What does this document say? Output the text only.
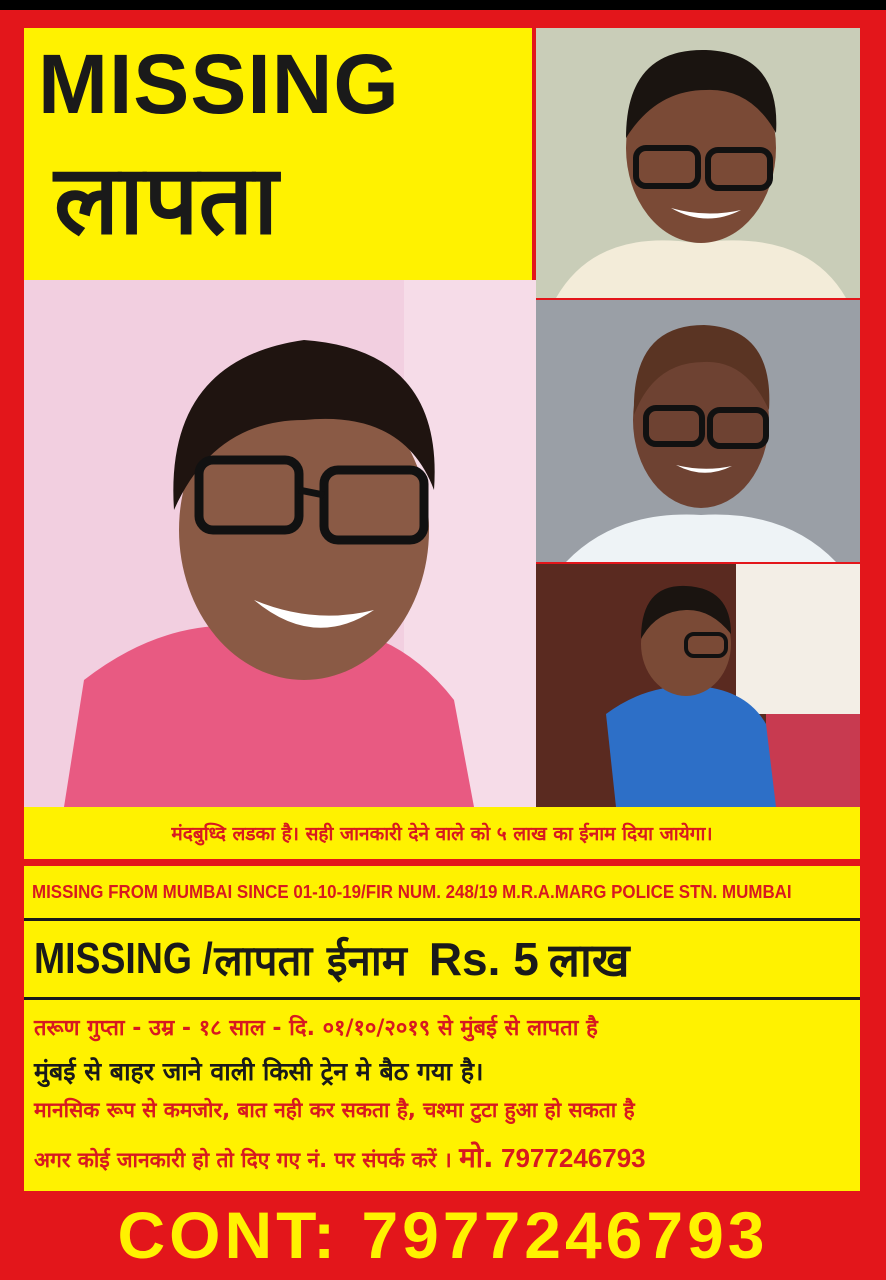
MISSING
लापता
मंदबुध्दि लडका है। सही जानकारी देने वाले को ५ लाख का ईनाम दिया जायेगा।
MISSING FROM MUMBAI SINCE 01-10-19/FIR NUM. 248/19 M.R.A.MARG POLICE STN. MUMBAI
MISSING / लापता ईनाम Rs. 5 लाख
तरूण गुप्ता - उम्र - १८ साल - दि. ०१/१०/२०१९ से मुंबई से लापता है
मुंबई से बाहर जाने वाली किसी ट्रेन मे बैठ गया है।
मानसिक रूप से कमजोर, बात नही कर सकता है, चश्मा टुटा हुआ हो सकता है
अगर कोई जानकारी हो तो दिए गए नं. पर संपर्क करें । मो. 7977246793
CONT: 7977246793
